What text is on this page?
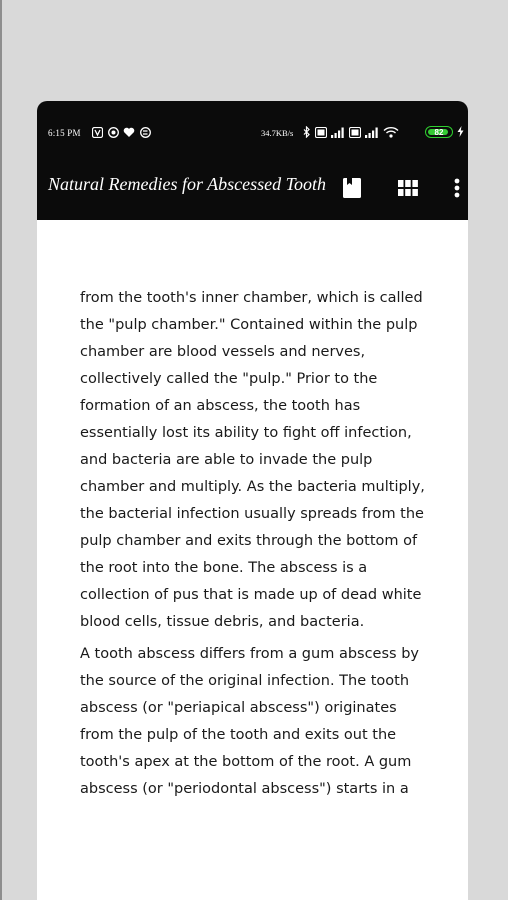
6:15 PM	34.7KB/s	82
Natural Remedies for Abscessed Tooth

from the tooth's inner chamber, which is called the "pulp chamber." Contained within the pulp chamber are blood vessels and nerves, collectively called the "pulp." Prior to the formation of an abscess, the tooth has essentially lost its ability to fight off infection, and bacteria are able to invade the pulp chamber and multiply. As the bacteria multiply, the bacterial infection usually spreads from the pulp chamber and exits through the bottom of the root into the bone. The abscess is a collection of pus that is made up of dead white blood cells, tissue debris, and bacteria.

A tooth abscess differs from a gum abscess by the source of the original infection. The tooth abscess (or "periapical abscess") originates from the pulp of the tooth and exits out the tooth's apex at the bottom of the root. A gum abscess (or "periodontal abscess") starts in a
